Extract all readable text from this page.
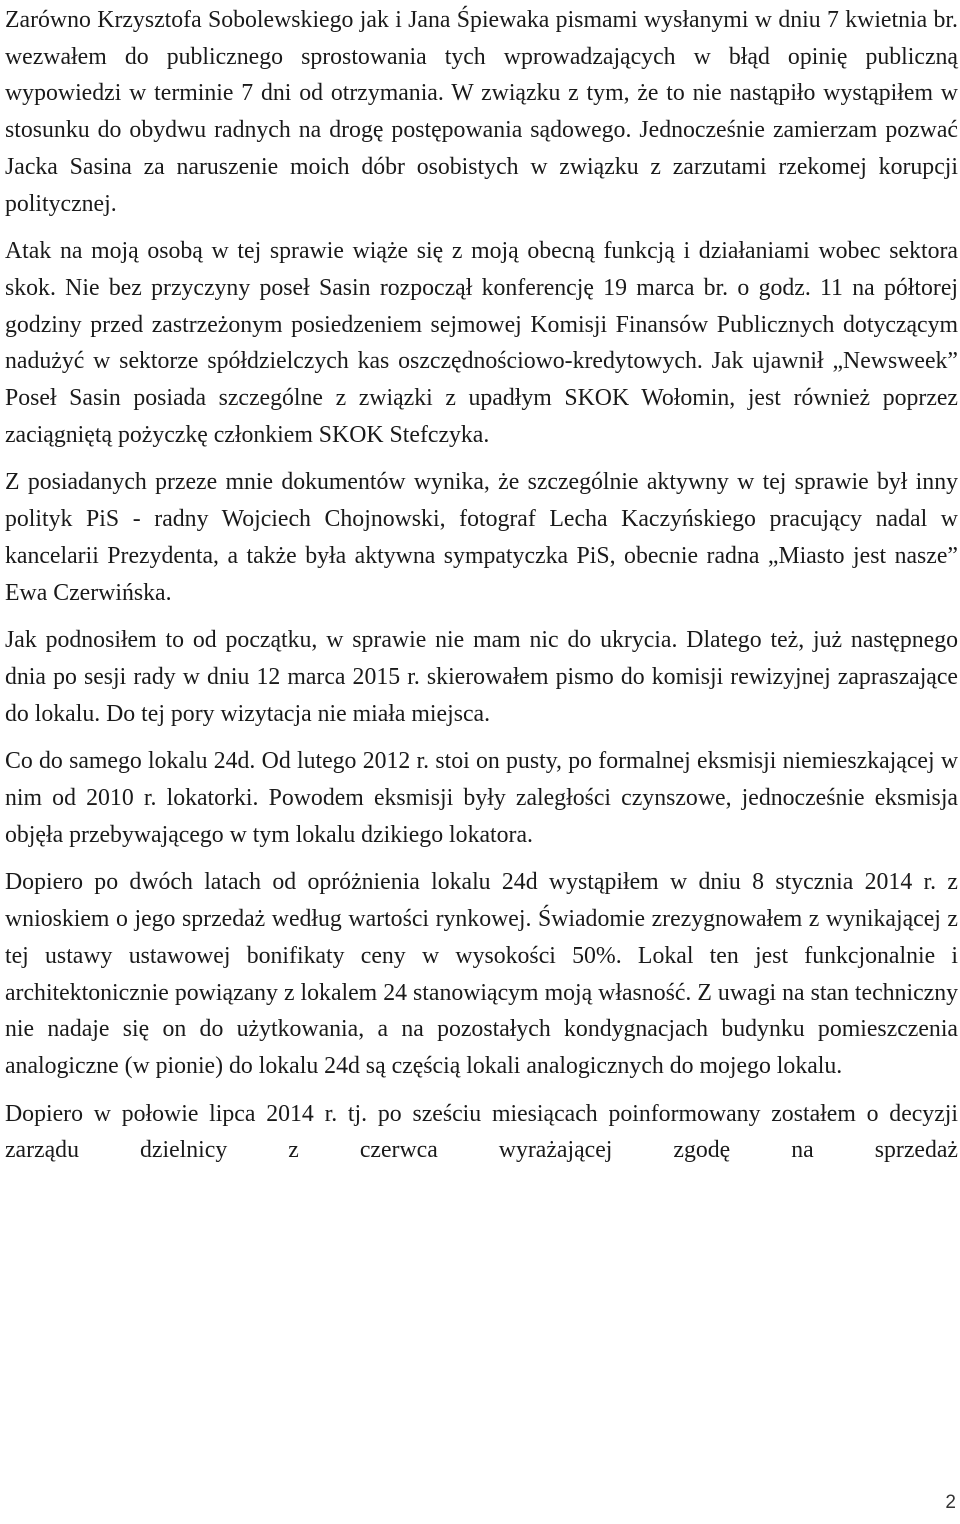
Zarówno Krzysztofa Sobolewskiego jak i Jana Śpiewaka pismami wysłanymi w dniu 7 kwietnia br. wezwałem do publicznego sprostowania tych wprowadzających w błąd opinię publiczną wypowiedzi w terminie 7 dni od otrzymania. W związku z tym, że to nie nastąpiło wystąpiłem w stosunku do obydwu radnych na drogę postępowania sądowego. Jednocześnie zamierzam pozwać Jacka Sasina za naruszenie moich dóbr osobistych w związku z zarzutami rzekomej korupcji politycznej.

Atak na moją osobą w tej sprawie wiąże się z moją obecną funkcją i działaniami wobec sektora skok. Nie bez przyczyny poseł Sasin rozpoczął konferencję 19 marca br. o godz. 11 na półtorej godziny przed zastrzeżonym posiedzeniem sejmowej Komisji Finansów Publicznych dotyczącym nadużyć w sektorze spółdzielczych kas oszczędnościowo-kredytowych. Jak ujawnił „Newsweek” Poseł Sasin posiada szczególne z związki z upadłym SKOK Wołomin, jest również poprzez zaciągniętą pożyczkę członkiem SKOK Stefczyka.

Z posiadanych przeze mnie dokumentów wynika, że szczególnie aktywny w tej sprawie był inny polityk PiS - radny Wojciech Chojnowski, fotograf Lecha Kaczyńskiego pracujący nadal w kancelarii Prezydenta, a także była aktywna sympatyczka PiS, obecnie radna „Miasto jest nasze” Ewa Czerwińska.

Jak podnosiłem to od początku, w sprawie nie mam nic do ukrycia. Dlatego też, już następnego dnia po sesji rady w dniu 12 marca 2015 r. skierowałem pismo do komisji rewizyjnej zapraszające do lokalu. Do tej pory wizytacja nie miała miejsca.

Co do samego lokalu 24d. Od lutego 2012 r. stoi on pusty, po formalnej eksmisji niemieszkającej w nim od 2010 r. lokatorki. Powodem eksmisji były zaległości czynszowe, jednocześnie eksmisja objęła przebywającego w tym lokalu dzikiego lokatora.

Dopiero po dwóch latach od opróżnienia lokalu 24d wystąpiłem w dniu 8 stycznia 2014 r. z wnioskiem o jego sprzedaż według wartości rynkowej. Świadomie zrezygnowałem z wynikającej z tej ustawy ustawowej bonifikaty ceny w wysokości 50%. Lokal ten jest funkcjonalnie i architektonicznie powiązany z lokalem 24 stanowiącym moją własność. Z uwagi na stan techniczny nie nadaje się on do użytkowania, a na pozostałych kondygnacjach budynku pomieszczenia analogiczne (w pionie) do lokalu 24d są częścią lokali analogicznych do mojego lokalu.

Dopiero w połowie lipca 2014 r. tj. po sześciu miesiącach poinformowany zostałem o decyzji zarządu dzielnicy z czerwca wyrażającej zgodę na sprzedaż

2
